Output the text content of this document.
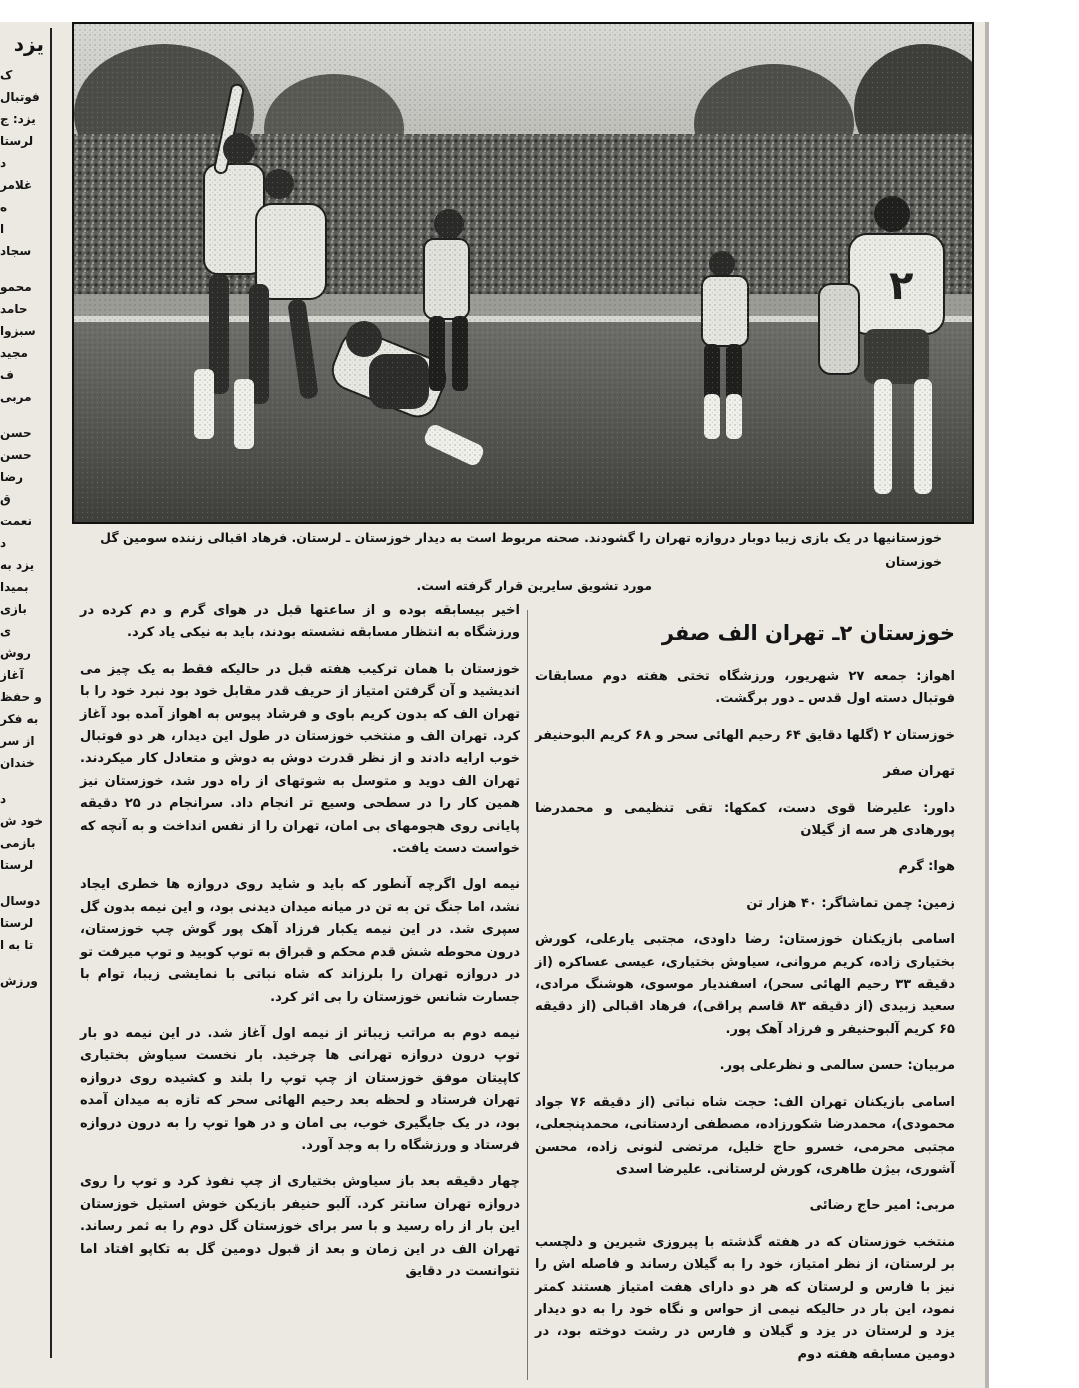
یزد
ک
فوتبال
یزد: ج
لرستا
د
غلامر
ه
ا
سجاد
محمو
حامد
سبزوا
مجید
ف
مربی
حسن
حسن
رضا
ق
نعمت
د
یزد به
بمیدا
بازی
ی
روش
آغاز
و حفظ
به فکر
از سر
خندان
د
خود ش
بازمی
لرستا
دوسال
لرستا
تا به ا
ورزش
خوزستانیها در یک بازی زیبا دوبار دروازه تهران را گشودند. صحنه مربوط است به دیدار خوزستان ـ لرستان. فرهاد اقبالی زننده سومین گل خوزستان
مورد تشویق سایرین قرار گرفته است.
خوزستان ۲ـ تهران الف صفر

اهواز: جمعه ۲۷ شهریور، ورزشگاه تختی هفته دوم مسابقات فوتبال دسته اول قدس ـ دور برگشت.

خوزستان ۲ (گلها دقایق ۶۴ رحیم الهائی سحر و ۶۸ کریم البوحنیفر

تهران صفر

داور: علیرضا قوی دست، کمکها: تقی تنظیمی و محمدرضا پورهادی هر سه از گیلان

هوا: گرم

زمین: چمن تماشاگر: ۴۰ هزار تن

اسامی بازیکنان خوزستان: رضا داودی، مجتبی یارعلی، کورش بختیاری زاده، کریم مروانی، سیاوش بختیاری، عیسی عساکره (از دقیقه ۳۳ رحیم الهائی سحر)، اسفندیار موسوی، هوشنگ مرادی، سعید زبیدی (از دقیقه ۸۳ قاسم پراقی)، فرهاد اقبالی (از دقیقه ۶۵ کریم آلبوحنیفر و فرزاد آهک پور.

مربیان: حسن سالمی و نظرعلی پور.

اسامی بازیکنان تهران الف: حجت شاه نباتی (از دقیقه ۷۶ جواد محمودی)، محمدرضا شکورزاده، مصطفی اردستانی، محمدپنجعلی، مجتبی محرمی، خسرو حاج خلیل، مرتضی لنونی زاده، محسن آشوری، بیژن طاهری، کورش لرستانی. علیرضا اسدی

مربی: امیر حاج رضائی

منتخب خوزستان که در هفته گذشته با پیروزی شیرین و دلچسب بر لرستان، از نظر امتیاز، خود را به گیلان رساند و فاصله اش را نیز با فارس و لرستان که هر دو دارای هفت امتیاز هستند کمتر نمود، این بار در حالیکه نیمی از حواس و نگاه خود را به دو دیدار یزد و لرستان در یزد و گیلان و فارس در رشت دوخته بود، در دومین مسابقه هفته دوم

اخیر بیسابقه بوده و از ساعتها قبل در هوای گرم و دم کرده در ورزشگاه به انتظار مسابقه نشسته بودند، باید به نیکی یاد کرد.

خوزستان با همان ترکیب هفته قبل در حالیکه فقط به یک چیز می اندیشید و آن گرفتن امتیاز از حریف قدر مقابل خود بود نبرد خود را با تهران الف که بدون کریم باوی و فرشاد پیوس به اهواز آمده بود آغاز کرد. تهران الف و منتخب خوزستان در طول این دیدار، هر دو فوتبال خوب ارایه دادند و از نظر قدرت دوش به دوش و متعادل کار میکردند. تهران الف دوید و متوسل به شوتهای از راه دور شد، خوزستان نیز همین کار را در سطحی وسیع تر انجام داد. سرانجام در ۲۵ دقیقه پایانی روی هجومهای بی امان، تهران را از نفس انداخت و به آنچه که خواست دست یافت.

نیمه اول اگرچه آنطور که باید و شاید روی دروازه ها خطری ایجاد نشد، اما جنگ تن به تن در میانه میدان دیدنی بود، و این نیمه بدون گل سپری شد. در این نیمه یکبار فرزاد آهک پور گوش چپ خوزستان، درون محوطه شش قدم محکم و قبراق به توپ کوبید و توپ میرفت تو در دروازه تهران را بلرزاند که شاه نباتی با نمایشی زیبا، توام با جسارت شانس خوزستان را بی اثر کرد.

نیمه دوم به مراتب زیباتر از نیمه اول آغاز شد. در این نیمه دو بار توپ درون دروازه تهرانی ها چرخید. بار نخست سیاوش بختیاری کاپیتان موفق خوزستان از چپ توپ را بلند و کشیده روی دروازه تهران فرستاد و لحظه بعد رحیم الهائی سحر که تازه به میدان آمده بود، در یک جایگیری خوب، بی امان و در هوا توپ را به درون دروازه فرستاد و ورزشگاه را به وجد آورد.

چهار دقیقه بعد باز سیاوش بختیاری از چپ نفوذ کرد و توپ را روی دروازه تهران سانتر کرد. آلبو حنیفر بازیکن خوش استیل خوزستان این بار از راه رسید و با سر برای خوزستان گل دوم را به ثمر رساند. تهران الف در این زمان و بعد از قبول دومین گل به تکاپو افتاد اما نتوانست در دقایق
